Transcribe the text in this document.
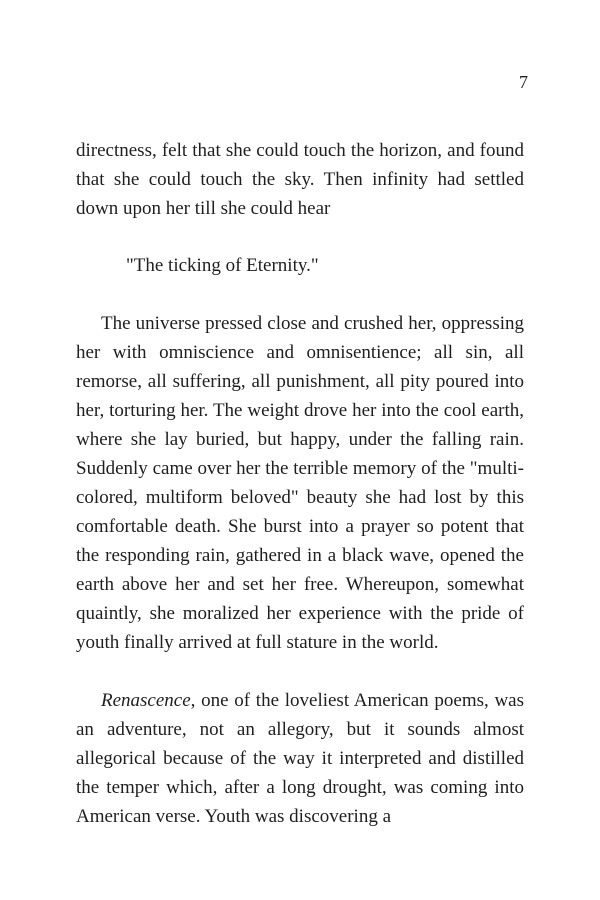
7

directness, felt that she could touch the horizon, and found that she could touch the sky. Then infinity had settled down upon her till she could hear

"The ticking of Eternity."

The universe pressed close and crushed her, oppressing her with omniscience and omnisentience; all sin, all remorse, all suffering, all punishment, all pity poured into her, torturing her. The weight drove her into the cool earth, where she lay buried, but happy, under the falling rain. Suddenly came over her the terrible memory of the "multi-colored, multiform beloved" beauty she had lost by this comfortable death. She burst into a prayer so potent that the responding rain, gathered in a black wave, opened the earth above her and set her free. Whereupon, somewhat quaintly, she moralized her experience with the pride of youth finally arrived at full stature in the world.

Renascence, one of the loveliest American poems, was an adventure, not an allegory, but it sounds almost allegorical because of the way it interpreted and distilled the temper which, after a long drought, was coming into American verse. Youth was discovering a
